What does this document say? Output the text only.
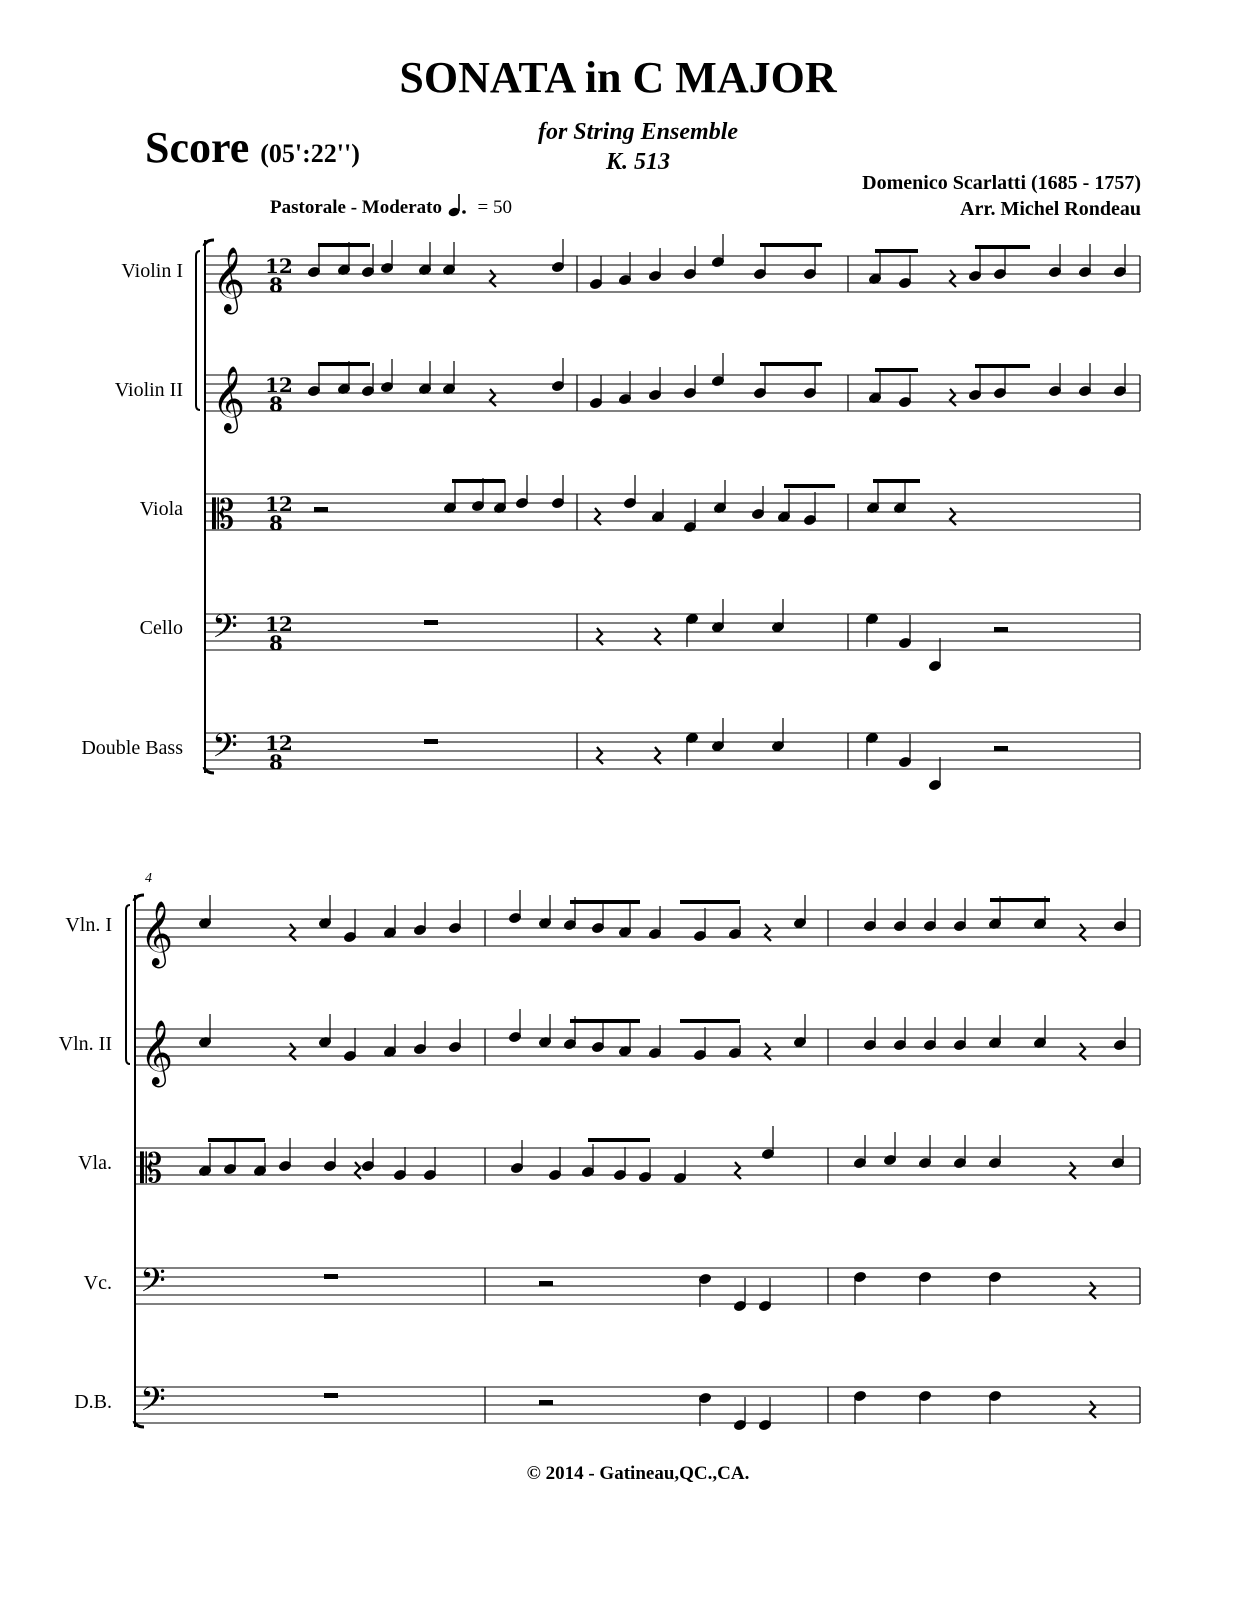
SONATA in C MAJOR
for String Ensemble
K. 513
Score (05':22'')
Domenico Scarlatti (1685 - 1757)
Arr. Michel Rondeau
Pastorale - Moderato = 50
Violin I
Violin II
Viola
Cello
Double Bass
Vln. I
Vln. II
Vla.
Vc.
D.B.
4
𝄞 12
8
𝄞 12
8
𝄡 12
8
𝄢 12
8
𝄢 12
8
𝄞
𝄞
𝄡
𝄢
𝄢
© 2014 - Gatineau,QC.,CA.
